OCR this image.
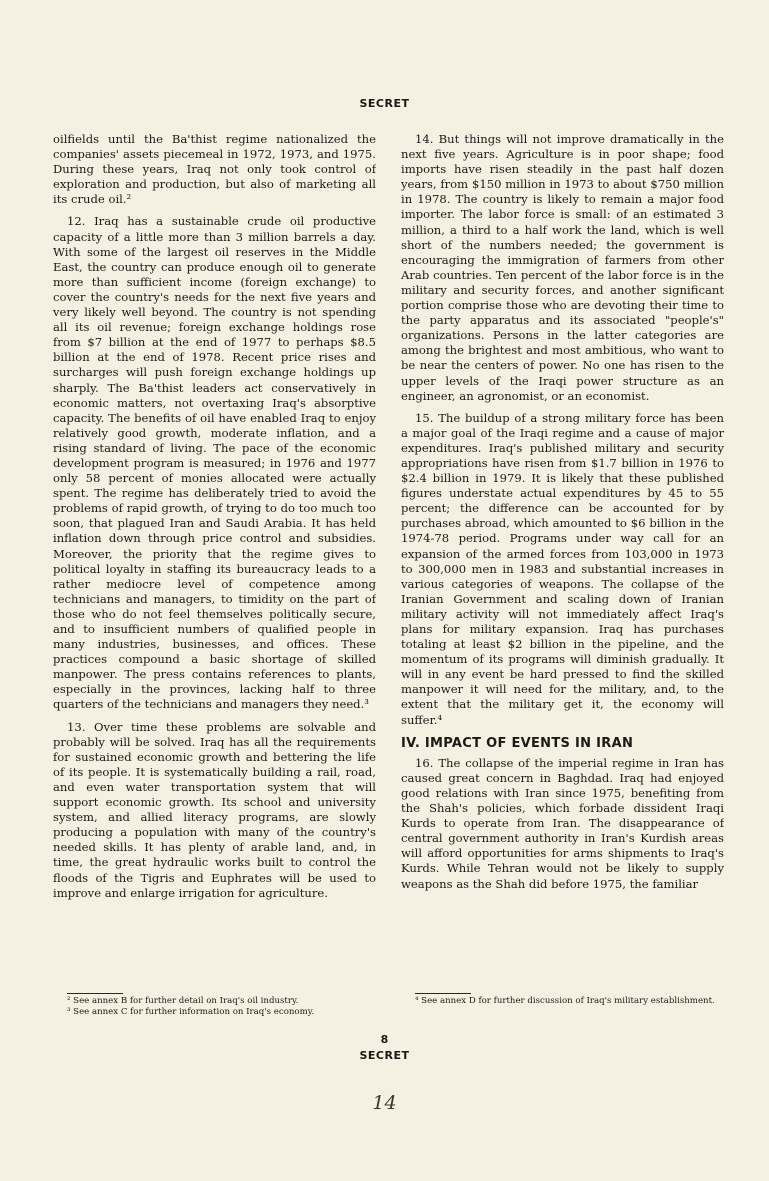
SECRET

oilfields until the Ba'thist regime nationalized the companies' assets piecemeal in 1972, 1973, and 1975. During these years, Iraq not only took control of exploration and production, but also of marketing all its crude oil.²

12. Iraq has a sustainable crude oil productive capacity of a little more than 3 million barrels a day. With some of the largest oil reserves in the Middle East, the country can produce enough oil to generate more than sufficient income (foreign exchange) to cover the country's needs for the next five years and very likely well beyond. The country is not spending all its oil revenue; foreign exchange holdings rose from $7 billion at the end of 1977 to perhaps $8.5 billion at the end of 1978. Recent price rises and surcharges will push foreign exchange holdings up sharply. The Ba'thist leaders act conservatively in economic matters, not overtaxing Iraq's absorptive capacity. The benefits of oil have enabled Iraq to enjoy relatively good growth, moderate inflation, and a rising standard of living. The pace of the economic development program is measured; in 1976 and 1977 only 58 percent of monies allocated were actually spent. The regime has deliberately tried to avoid the problems of rapid growth, of trying to do too much too soon, that plagued Iran and Saudi Arabia. It has held inflation down through price control and subsidies. Moreover, the priority that the regime gives to political loyalty in staffing its bureaucracy leads to a rather mediocre level of competence among technicians and managers, to timidity on the part of those who do not feel themselves politically secure, and to insufficient numbers of qualified people in many industries, businesses, and offices. These practices compound a basic shortage of skilled manpower. The press contains references to plants, especially in the provinces, lacking half to three quarters of the technicians and managers they need.³

13. Over time these problems are solvable and probably will be solved. Iraq has all the requirements for sustained economic growth and bettering the life of its people. It is systematically building a rail, road, and even water transportation system that will support economic growth. Its school and university system, and allied literacy programs, are slowly producing a population with many of the country's needed skills. It has plenty of arable land, and, in time, the great hydraulic works built to control the floods of the Tigris and Euphrates will be used to improve and enlarge irrigation for agriculture.

14. But things will not improve dramatically in the next five years. Agriculture is in poor shape; food imports have risen steadily in the past half dozen years, from $150 million in 1973 to about $750 million in 1978. The country is likely to remain a major food importer. The labor force is small: of an estimated 3 million, a third to a half work the land, which is well short of the numbers needed; the government is encouraging the immigration of farmers from other Arab countries. Ten percent of the labor force is in the military and security forces, and another significant portion comprise those who are devoting their time to the party apparatus and its associated "people's" organizations. Persons in the latter categories are among the brightest and most ambitious, who want to be near the centers of power. No one has risen to the upper levels of the Iraqi power structure as an engineer, an agronomist, or an economist.

15. The buildup of a strong military force has been a major goal of the Iraqi regime and a cause of major expenditures. Iraq's published military and security appropriations have risen from $1.7 billion in 1976 to $2.4 billion in 1979. It is likely that these published figures understate actual expenditures by 45 to 55 percent; the difference can be accounted for by purchases abroad, which amounted to $6 billion in the 1974-78 period. Programs under way call for an expansion of the armed forces from 103,000 in 1973 to 300,000 men in 1983 and substantial increases in various categories of weapons. The collapse of the Iranian Government and scaling down of Iranian military activity will not immediately affect Iraq's plans for military expansion. Iraq has purchases totaling at least $2 billion in the pipeline, and the momentum of its programs will diminish gradually. It will in any event be hard pressed to find the skilled manpower it will need for the military, and, to the extent that the military get it, the economy will suffer.⁴

IV. IMPACT OF EVENTS IN IRAN

16. The collapse of the imperial regime in Iran has caused great concern in Baghdad. Iraq had enjoyed good relations with Iran since 1975, benefiting from the Shah's policies, which forbade dissident Iraqi Kurds to operate from Iran. The disappearance of central government authority in Iran's Kurdish areas will afford opportunities for arms shipments to Iraq's Kurds. While Tehran would not be likely to supply weapons as the Shah did before 1975, the familiar

² See annex B for further detail on Iraq's oil industry.
³ See annex C for further information on Iraq's economy.
⁴ See annex D for further discussion of Iraq's military establishment.
8
SECRET
14
